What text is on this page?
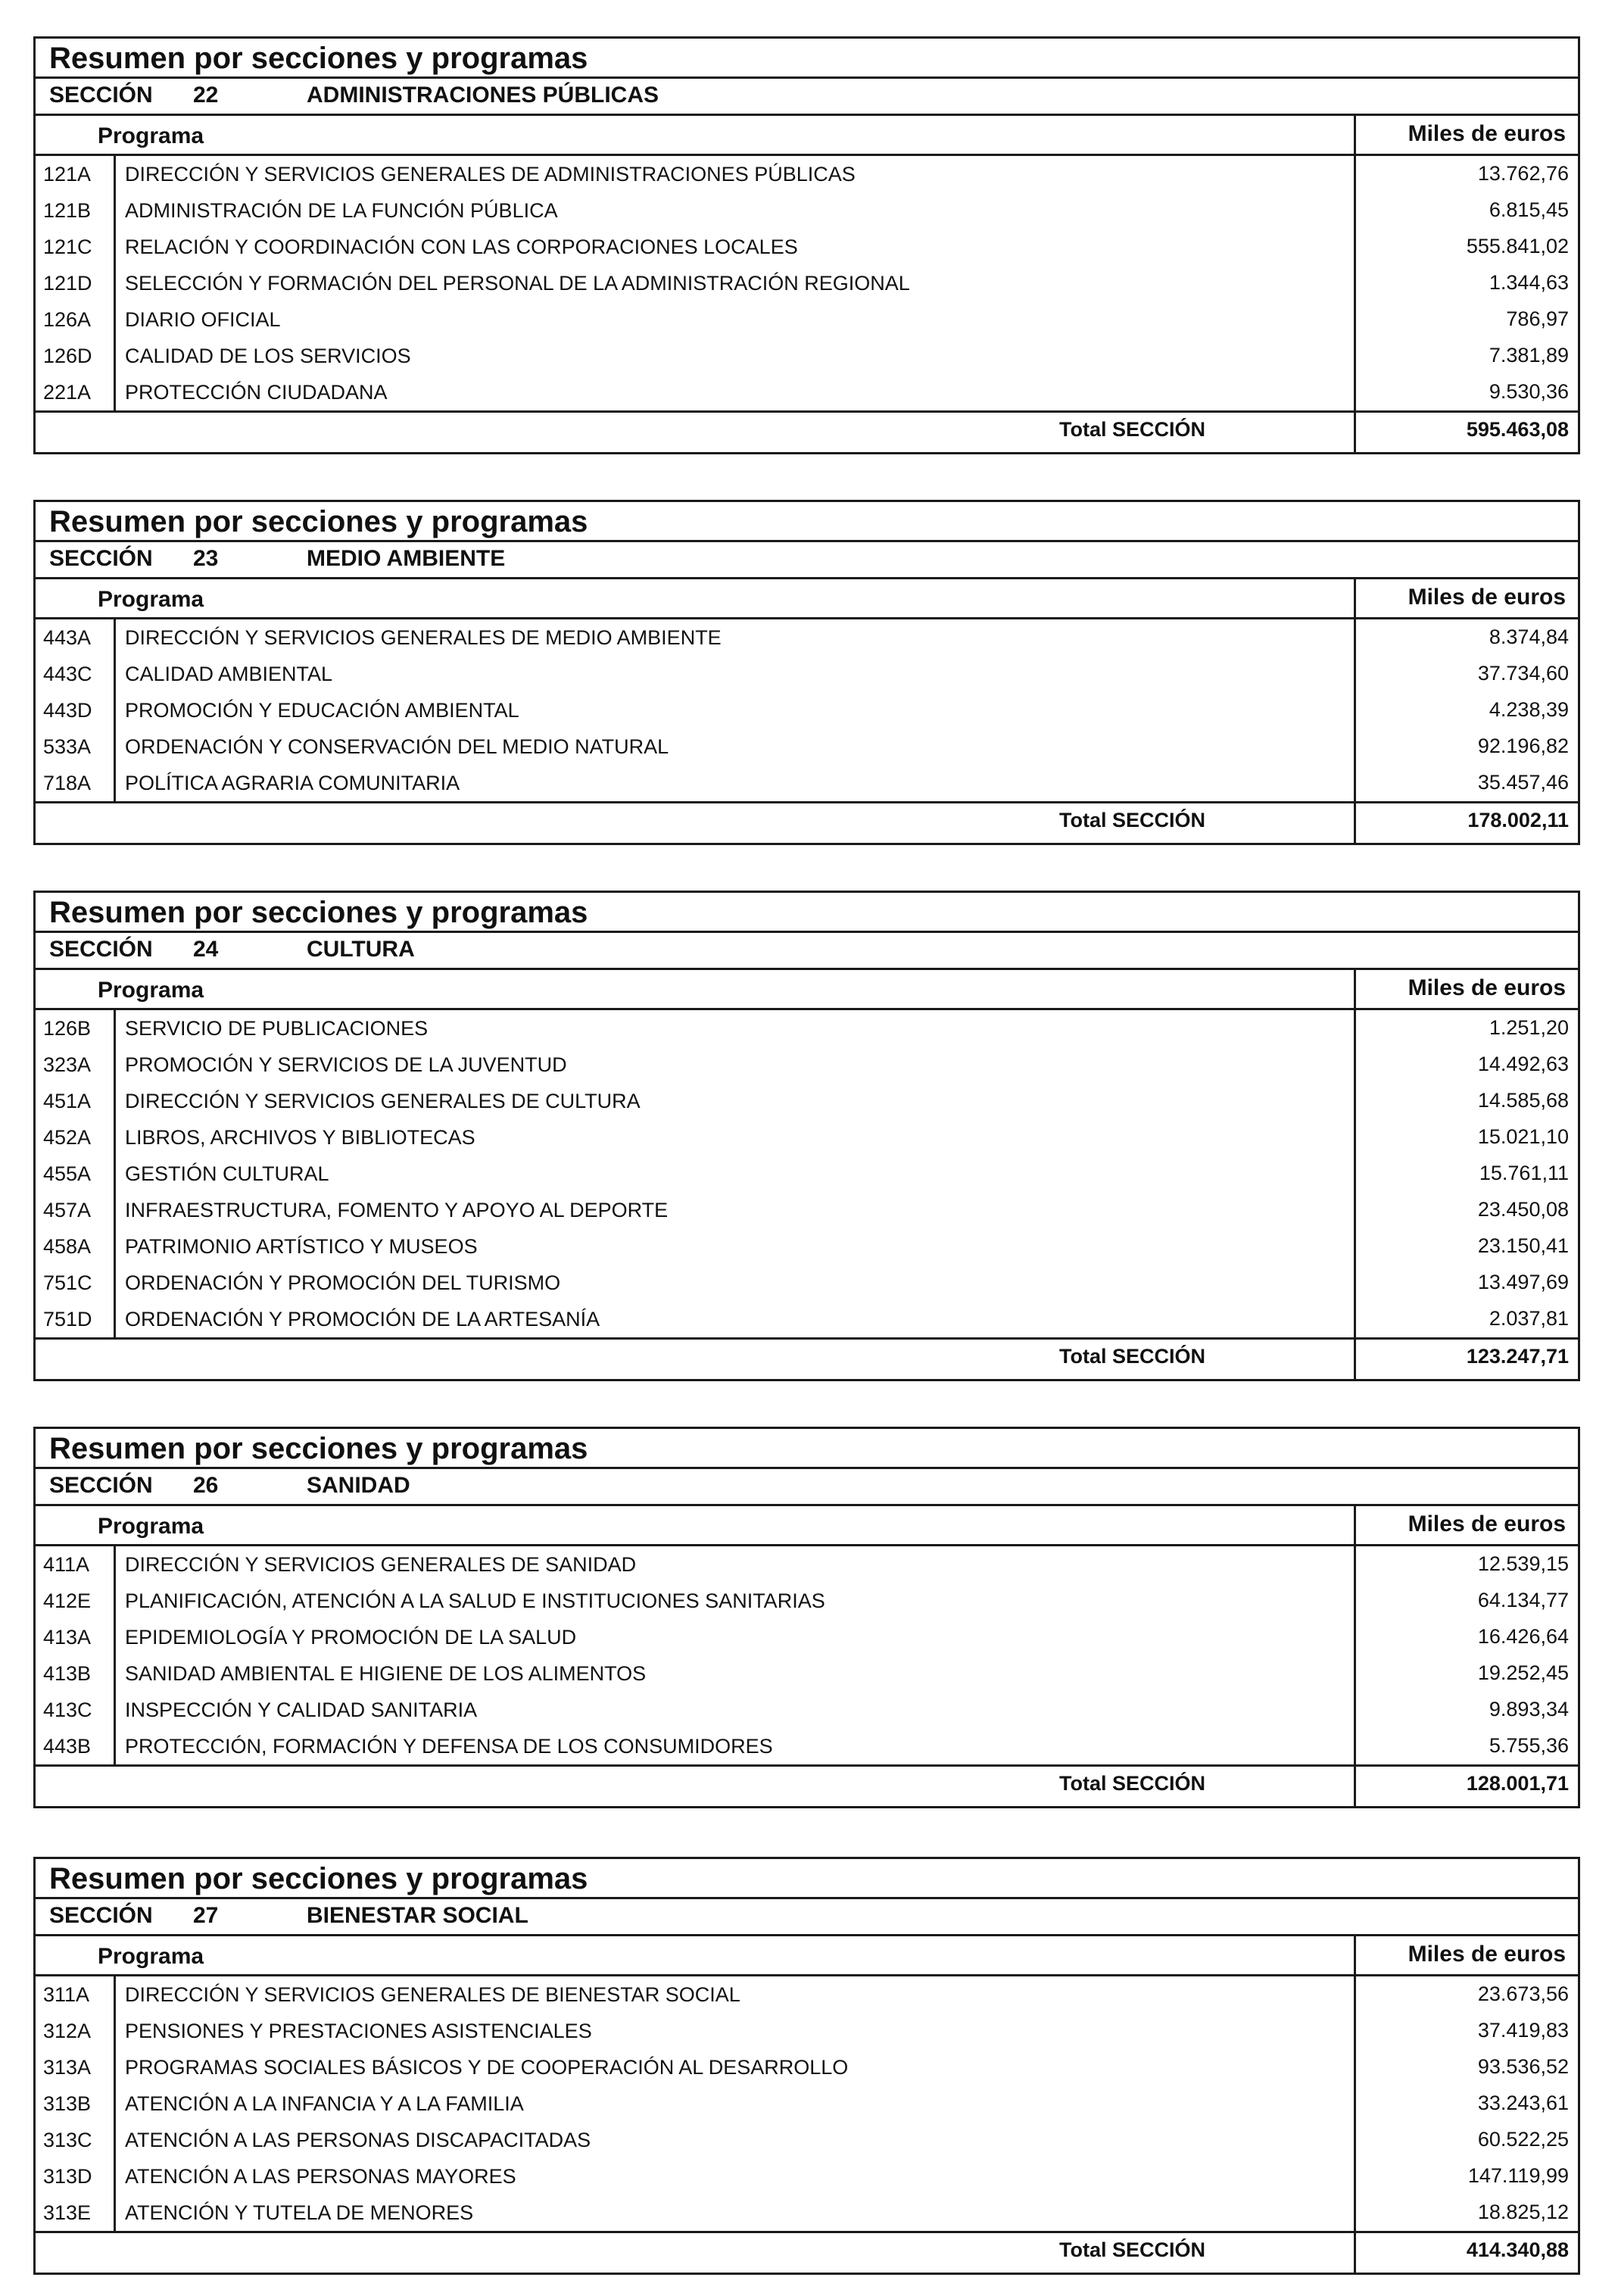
Resumen por secciones y programas
SECCIÓN 22	ADMINISTRACIONES PÚBLICAS
Programa	Miles de euros
121A	DIRECCIÓN Y SERVICIOS GENERALES DE ADMINISTRACIONES PÚBLICAS	13.762,76
121B	ADMINISTRACIÓN DE LA FUNCIÓN PÚBLICA	6.815,45
121C	RELACIÓN Y COORDINACIÓN CON LAS CORPORACIONES LOCALES	555.841,02
121D	SELECCIÓN Y FORMACIÓN DEL PERSONAL DE LA ADMINISTRACIÓN REGIONAL	1.344,63
126A	DIARIO OFICIAL	786,97
126D	CALIDAD DE LOS SERVICIOS	7.381,89
221A	PROTECCIÓN CIUDADANA	9.530,36
Total SECCIÓN	595.463,08
Resumen por secciones y programas
SECCIÓN 23	MEDIO AMBIENTE
Programa	Miles de euros
443A	DIRECCIÓN Y SERVICIOS GENERALES DE MEDIO AMBIENTE	8.374,84
443C	CALIDAD AMBIENTAL	37.734,60
443D	PROMOCIÓN Y EDUCACIÓN AMBIENTAL	4.238,39
533A	ORDENACIÓN Y CONSERVACIÓN DEL MEDIO NATURAL	92.196,82
718A	POLÍTICA AGRARIA COMUNITARIA	35.457,46
Total SECCIÓN	178.002,11
Resumen por secciones y programas
SECCIÓN 24	CULTURA
Programa	Miles de euros
126B	SERVICIO DE PUBLICACIONES	1.251,20
323A	PROMOCIÓN Y SERVICIOS DE LA JUVENTUD	14.492,63
451A	DIRECCIÓN Y SERVICIOS GENERALES DE CULTURA	14.585,68
452A	LIBROS, ARCHIVOS Y BIBLIOTECAS	15.021,10
455A	GESTIÓN CULTURAL	15.761,11
457A	INFRAESTRUCTURA, FOMENTO Y APOYO AL DEPORTE	23.450,08
458A	PATRIMONIO ARTÍSTICO Y MUSEOS	23.150,41
751C	ORDENACIÓN Y PROMOCIÓN DEL TURISMO	13.497,69
751D	ORDENACIÓN Y PROMOCIÓN DE LA ARTESANÍA	2.037,81
Total SECCIÓN	123.247,71
Resumen por secciones y programas
SECCIÓN 26	SANIDAD
Programa	Miles de euros
411A	DIRECCIÓN Y SERVICIOS GENERALES DE SANIDAD	12.539,15
412E	PLANIFICACIÓN, ATENCIÓN A LA SALUD E INSTITUCIONES SANITARIAS	64.134,77
413A	EPIDEMIOLOGÍA Y PROMOCIÓN DE LA SALUD	16.426,64
413B	SANIDAD AMBIENTAL E HIGIENE DE LOS ALIMENTOS	19.252,45
413C	INSPECCIÓN Y CALIDAD SANITARIA	9.893,34
443B	PROTECCIÓN, FORMACIÓN Y DEFENSA DE LOS CONSUMIDORES	5.755,36
Total SECCIÓN	128.001,71
Resumen por secciones y programas
SECCIÓN 27	BIENESTAR SOCIAL
Programa	Miles de euros
311A	DIRECCIÓN Y SERVICIOS GENERALES DE BIENESTAR SOCIAL	23.673,56
312A	PENSIONES Y PRESTACIONES ASISTENCIALES	37.419,83
313A	PROGRAMAS SOCIALES BÁSICOS Y DE COOPERACIÓN AL DESARROLLO	93.536,52
313B	ATENCIÓN A LA INFANCIA Y A LA FAMILIA	33.243,61
313C	ATENCIÓN A LAS PERSONAS DISCAPACITADAS	60.522,25
313D	ATENCIÓN A LAS PERSONAS MAYORES	147.119,99
313E	ATENCIÓN Y TUTELA DE MENORES	18.825,12
Total SECCIÓN	414.340,88
